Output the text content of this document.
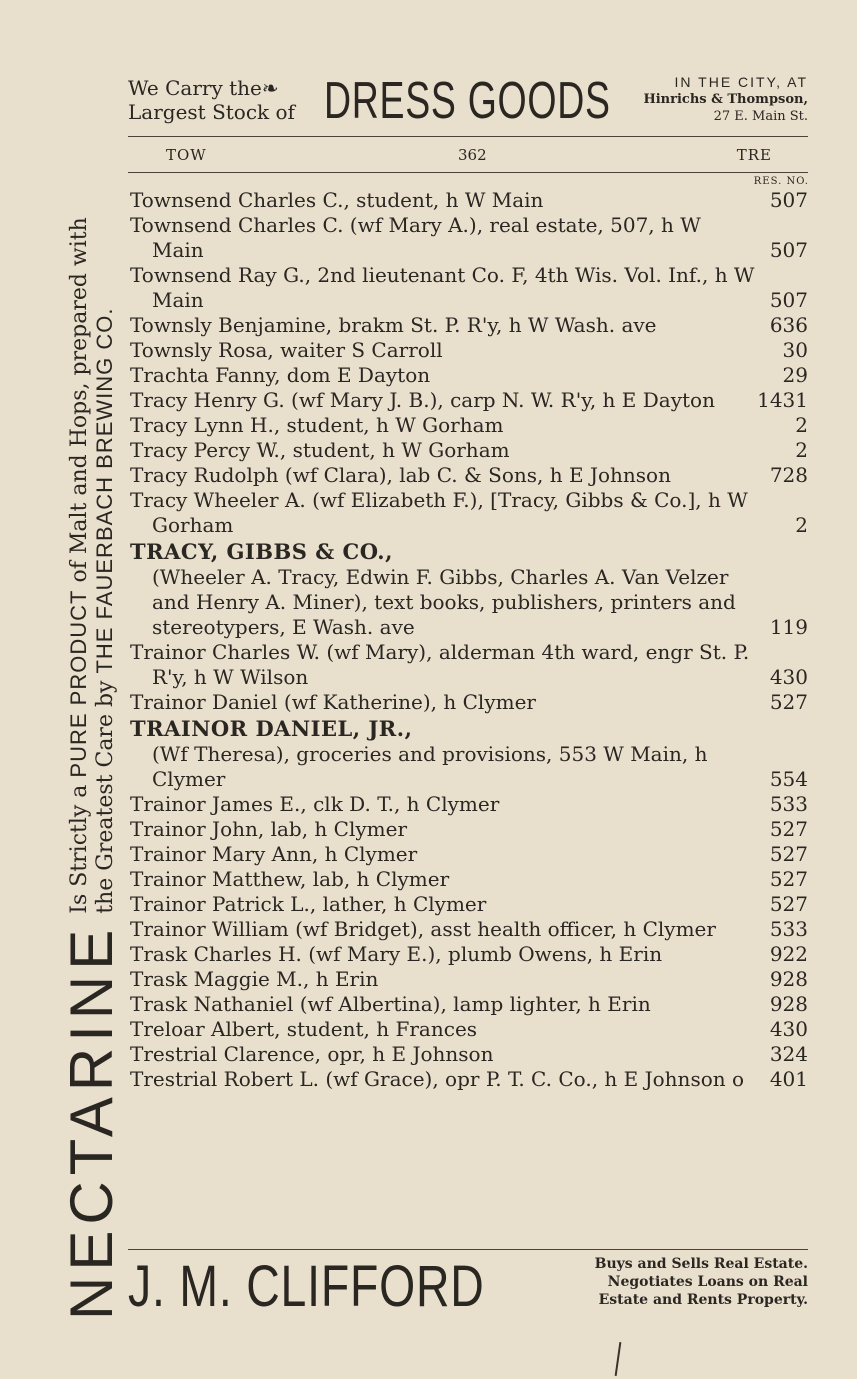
NECTARINE
Is Strictly a PURE PRODUCT of Malt and Hops, prepared with
the Greatest Care by THE FAUERBACH BREWING CO.
We Carry the❧
Largest Stock of DRESS GOODS	IN THE CITY, AT
Hinrichs & Thompson,
27 E. Main St.
TOW	362	TRE
RES. NO.
Townsend Charles C., student, h W Main	507
Townsend Charles C. (wf Mary A.), real estate, 507, h W Main	507
Townsend Ray G., 2nd lieutenant Co. F, 4th Wis. Vol. Inf., h W Main	507
Townsly Benjamine, brakm St. P. R'y, h W Wash. ave	636
Townsly Rosa, waiter S Carroll	30
Trachta Fanny, dom E Dayton	29
Tracy Henry G. (wf Mary J. B.), carp N. W. R'y, h E Dayton	1431
Tracy Lynn H., student, h W Gorham	2
Tracy Percy W., student, h W Gorham	2
Tracy Rudolph (wf Clara), lab C. & Sons, h E Johnson	728
Tracy Wheeler A. (wf Elizabeth F.), [Tracy, Gibbs & Co.], h W Gorham	2
TRACY, GIBBS & CO.,
(Wheeler A. Tracy, Edwin F. Gibbs, Charles A. Van Velzer and Henry A. Miner), text books, publishers, printers and stereotypers, E Wash. ave	119
Trainor Charles W. (wf Mary), alderman 4th ward, engr St. P. R'y, h W Wilson	430
Trainor Daniel (wf Katherine), h Clymer	527
TRAINOR DANIEL, JR.,
(Wf Theresa), groceries and provisions, 553 W Main, h Clymer	554
Trainor James E., clk D. T., h Clymer	533
Trainor John, lab, h Clymer	527
Trainor Mary Ann, h Clymer	527
Trainor Matthew, lab, h Clymer	527
Trainor Patrick L., lather, h Clymer	527
Trainor William (wf Bridget), asst health officer, h Clymer	533
Trask Charles H. (wf Mary E.), plumb Owens, h Erin	922
Trask Maggie M., h Erin	928
Trask Nathaniel (wf Albertina), lamp lighter, h Erin	928
Treloar Albert, student, h Frances	430
Trestrial Clarence, opr, h E Johnson	324
Trestrial Robert L. (wf Grace), opr P. T. C. Co., h E Johnson o	401
J. M. CLIFFORD	Buys and Sells Real Estate.
Negotiates Loans on Real
Estate and Rents Property.
